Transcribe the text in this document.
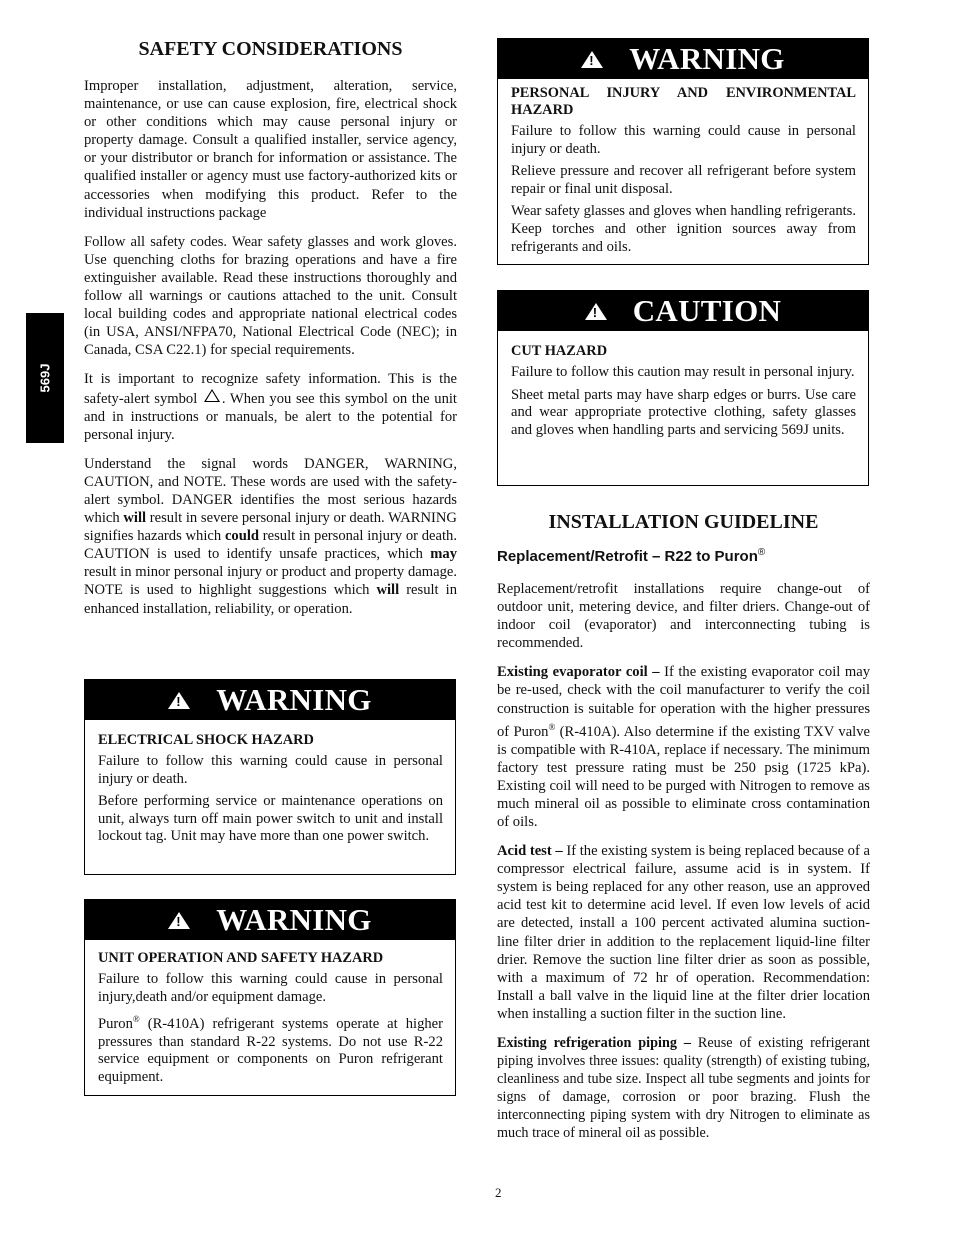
569J
SAFETY CONSIDERATIONS

Improper installation, adjustment, alteration, service, maintenance, or use can cause explosion, fire, electrical shock or other conditions which may cause personal injury or property damage. Consult a qualified installer, service agency, or your distributor or branch for information or assistance. The qualified installer or agency must use factory-authorized kits or accessories when modifying this product. Refer to the individual instructions package

Follow all safety codes. Wear safety glasses and work gloves. Use quenching cloths for brazing operations and have a fire extinguisher available. Read these instructions thoroughly and follow all warnings or cautions attached to the unit. Consult local building codes and appropriate national electrical codes (in USA, ANSI/NFPA70, National Electrical Code (NEC); in Canada, CSA C22.1) for special requirements.

It is important to recognize safety information. This is the safety-alert symbol . When you see this symbol on the unit and in instructions or manuals, be alert to the potential for personal injury.

Understand the signal words DANGER, WARNING, CAUTION, and NOTE. These words are used with the safety-alert symbol. DANGER identifies the most serious hazards which will result in severe personal injury or death. WARNING signifies hazards which could result in personal injury or death. CAUTION is used to identify unsafe practices, which may result in minor personal injury or product and property damage. NOTE is used to highlight suggestions which will result in enhanced installation, reliability, or operation.

!
WARNING
ELECTRICAL SHOCK HAZARD

Failure to follow this warning could cause in personal injury or death.

Before performing service or maintenance operations on unit, always turn off main power switch to unit and install lockout tag. Unit may have more than one power switch.

!
WARNING
UNIT OPERATION AND SAFETY HAZARD

Failure to follow this warning could cause in personal injury,death and/or equipment damage.

Puron® (R-410A) refrigerant systems operate at higher pressures than standard R-22 systems. Do not use R-22 service equipment or components on Puron refrigerant equipment.

!
WARNING
PERSONAL INJURY AND ENVIRONMENTAL HAZARD

Failure to follow this warning could cause in personal injury or death.

Relieve pressure and recover all refrigerant before system repair or final unit disposal.

Wear safety glasses and gloves when handling refrigerants. Keep torches and other ignition sources away from refrigerants and oils.

!
CAUTION
CUT HAZARD

Failure to follow this caution may result in personal injury.

Sheet metal parts may have sharp edges or burrs. Use care and wear appropriate protective clothing, safety glasses and gloves when handling parts and servicing 569J units.

INSTALLATION GUIDELINE
Replacement/Retrofit – R22 to Puron®

Replacement/retrofit installations require change-out of outdoor unit, metering device, and filter driers. Change-out of indoor coil (evaporator) and interconnecting tubing is recommended.

Existing evaporator coil – If the existing evaporator coil may be re-used, check with the coil manufacturer to verify the coil construction is suitable for operation with the higher pressures of Puron® (R-410A). Also determine if the existing TXV valve is compatible with R-410A, replace if necessary. The minimum factory test pressure rating must be 250 psig (1725 kPa). Existing coil will need to be purged with Nitrogen to remove as much mineral oil as possible to eliminate cross contamination of oils.

Acid test – If the existing system is being replaced because of a compressor electrical failure, assume acid is in system. If system is being replaced for any other reason, use an approved acid test kit to determine acid level. If even low levels of acid are detected, install a 100 percent activated alumina suction-line filter drier in addition to the replacement liquid-line filter drier. Remove the suction line filter drier as soon as possible, with a maximum of 72 hr of operation. Recommendation: Install a ball valve in the liquid line at the filter drier location when installing a suction filter in the suction line.

Existing refrigeration piping – Reuse of existing refrigerant piping involves three issues: quality (strength) of existing tubing, cleanliness and tube size. Inspect all tube segments and joints for signs of damage, corrosion or poor brazing. Flush the interconnecting piping system with dry Nitrogen to eliminate as much trace of mineral oil as possible.

2
